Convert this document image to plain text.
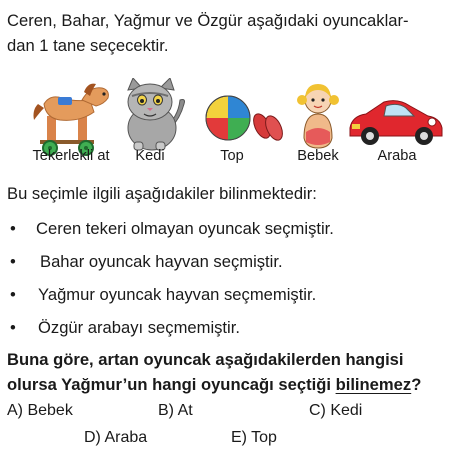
Ceren, Bahar, Yağmur ve Özgür aşağıdaki oyuncaklar-
dan 1 tane seçecektir.
Tekerlekli at	Kedi	Top	Bebek	Araba
Bu seçimle ilgili aşağıdakiler bilinmektedir:
• Ceren tekeri olmayan oyuncak seçmiştir.
• Bahar oyuncak hayvan seçmiştir.
• Yağmur oyuncak hayvan seçmemiştir.
• Özgür arabayı seçmemiştir.
Buna göre, artan oyuncak aşağıdakilerden hangisi
olursa Yağmur’un hangi oyuncağı seçtiği bilinemez?
A) Bebek	B) At	C) Kedi
D) Araba	E) Top
